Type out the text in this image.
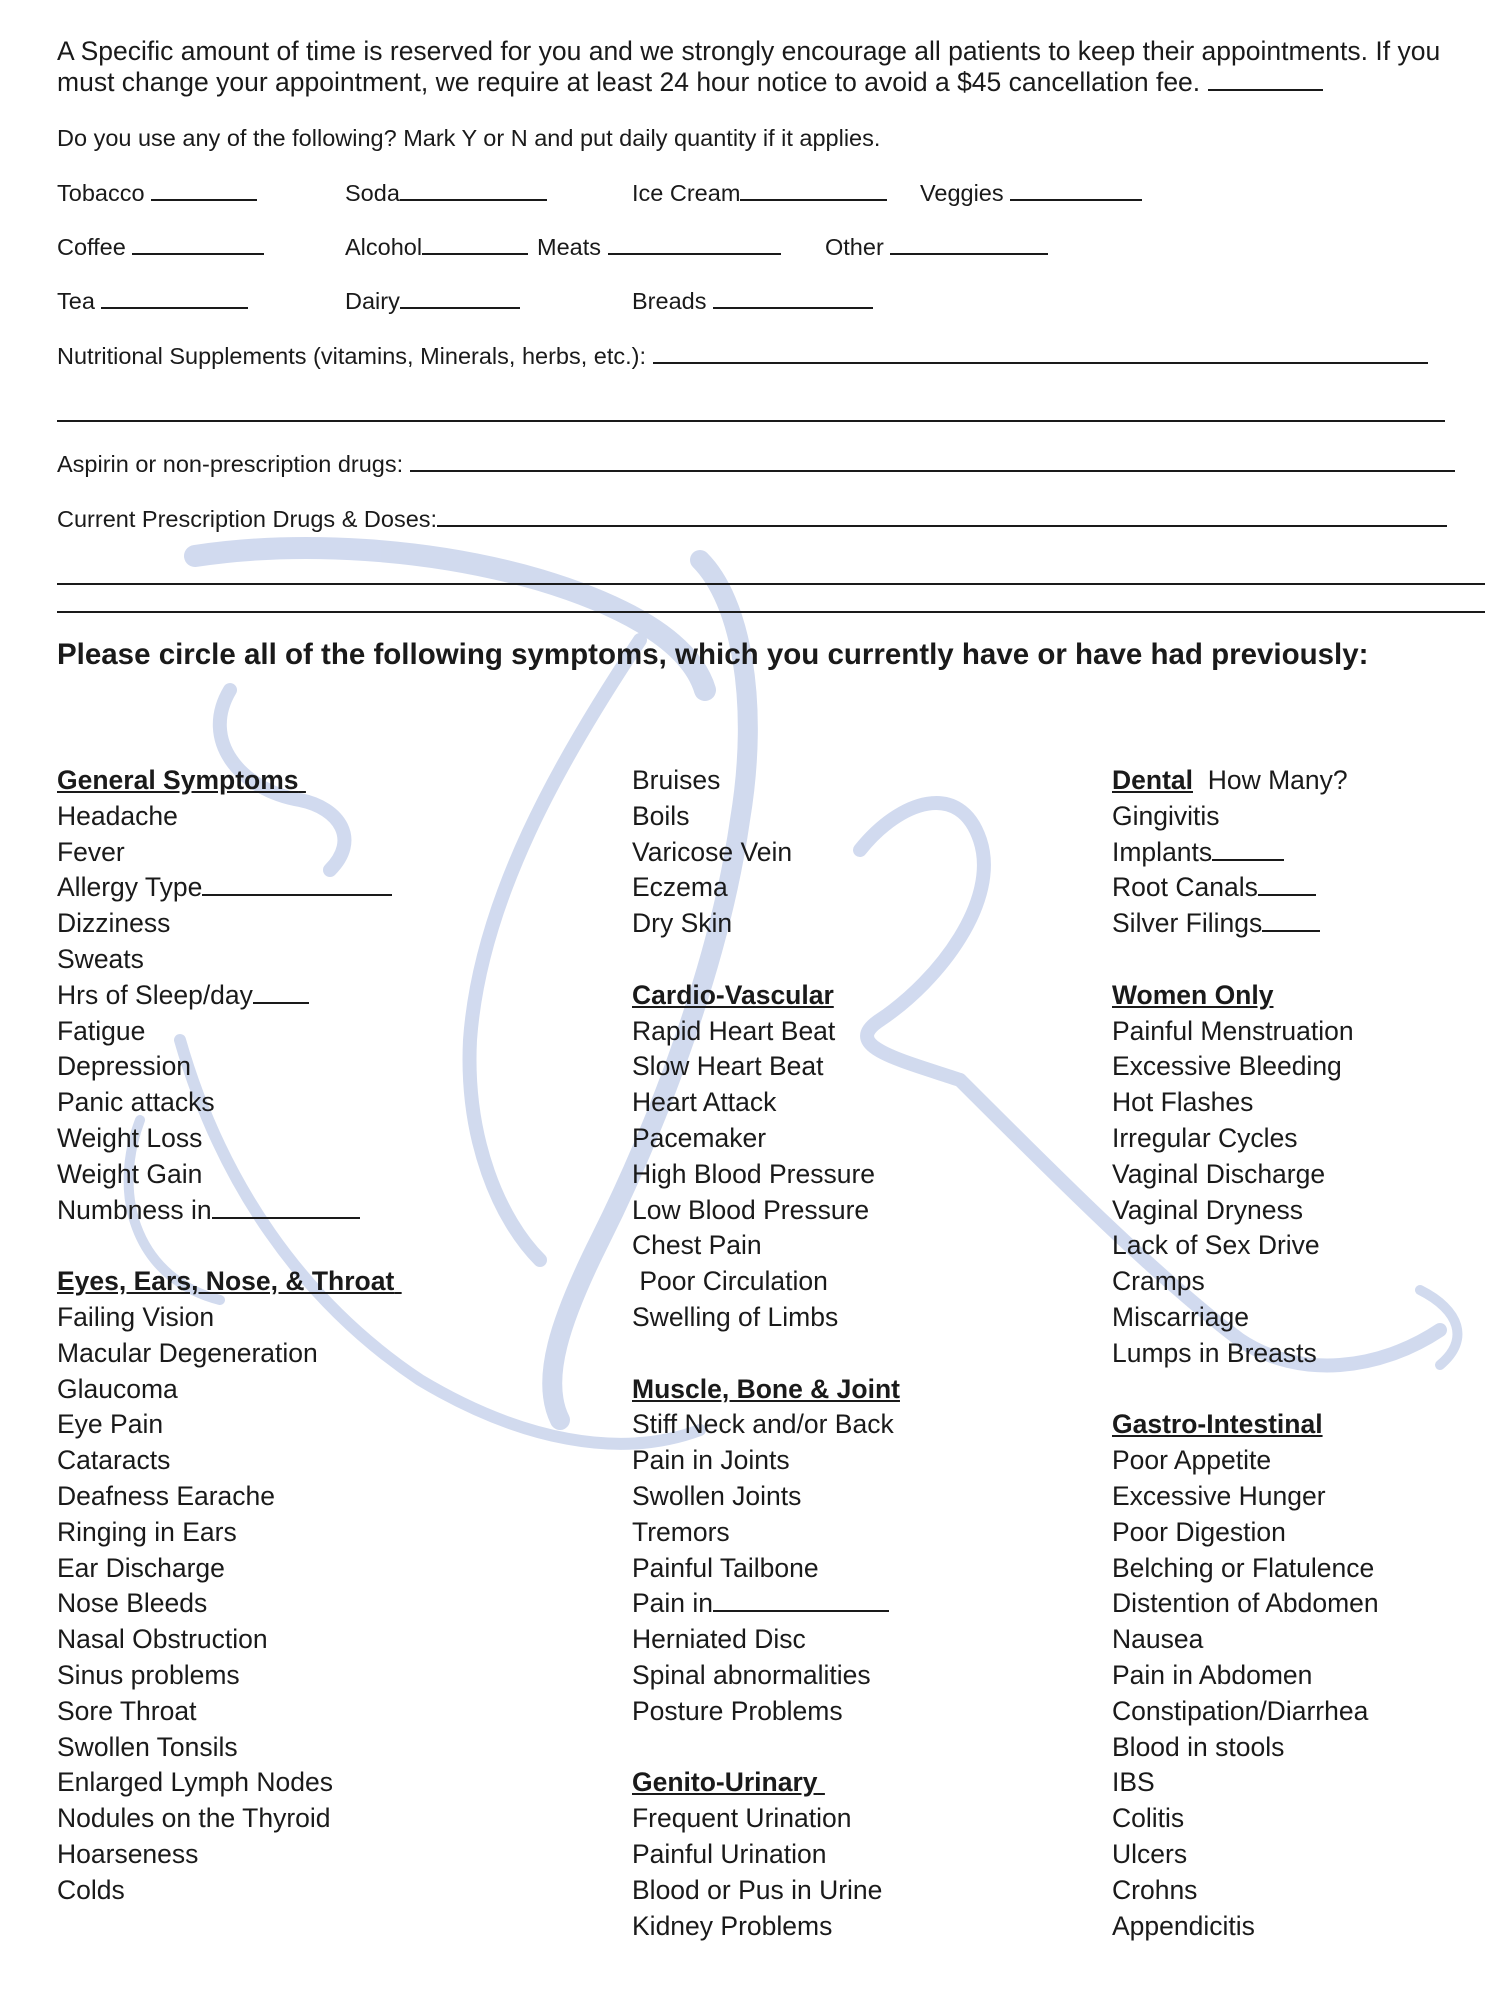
A Specific amount of time is reserved for you and we strongly encourage all patients to keep their appointments. If you
must change your appointment, we require at least 24 hour notice to avoid a $45 cancellation fee.
Do you use any of the following? Mark Y or N and put daily quantity if it applies.
Tobacco	Soda	Ice Cream	Veggies
Coffee	Alcohol	Meats	Other
Tea	Dairy	Breads
Nutritional Supplements (vitamins, Minerals, herbs, etc.):
Aspirin or non-prescription drugs:
Current Prescription Drugs & Doses:
Please circle all of the following symptoms, which you currently have or have had previously:
General Symptoms
Headache
Fever
Allergy Type
Dizziness
Sweats
Hrs of Sleep/day
Fatigue
Depression
Panic attacks
Weight Loss
Weight Gain
Numbness in
Eyes, Ears, Nose, & Throat
Failing Vision
Macular Degeneration
Glaucoma
Eye Pain
Cataracts
Deafness Earache
Ringing in Ears
Ear Discharge
Nose Bleeds
Nasal Obstruction
Sinus problems
Sore Throat
Swollen Tonsils
Enlarged Lymph Nodes
Nodules on the Thyroid
Hoarseness
Colds
Bruises
Boils
Varicose Vein
Eczema
Dry Skin
Cardio-Vascular
Rapid Heart Beat
Slow Heart Beat
Heart Attack
Pacemaker
High Blood Pressure
Low Blood Pressure
Chest Pain
Poor Circulation
Swelling of Limbs
Muscle, Bone & Joint
Stiff Neck and/or Back
Pain in Joints
Swollen Joints
Tremors
Painful Tailbone
Pain in
Herniated Disc
Spinal abnormalities
Posture Problems
Genito-Urinary
Frequent Urination
Painful Urination
Blood or Pus in Urine
Kidney Problems
Dental How Many?
Gingivitis
Implants
Root Canals
Silver Filings
Women Only
Painful Menstruation
Excessive Bleeding
Hot Flashes
Irregular Cycles
Vaginal Discharge
Vaginal Dryness
Lack of Sex Drive
Cramps
Miscarriage
Lumps in Breasts
Gastro-Intestinal
Poor Appetite
Excessive Hunger
Poor Digestion
Belching or Flatulence
Distention of Abdomen
Nausea
Pain in Abdomen
Constipation/Diarrhea
Blood in stools
IBS
Colitis
Ulcers
Crohns
Appendicitis
